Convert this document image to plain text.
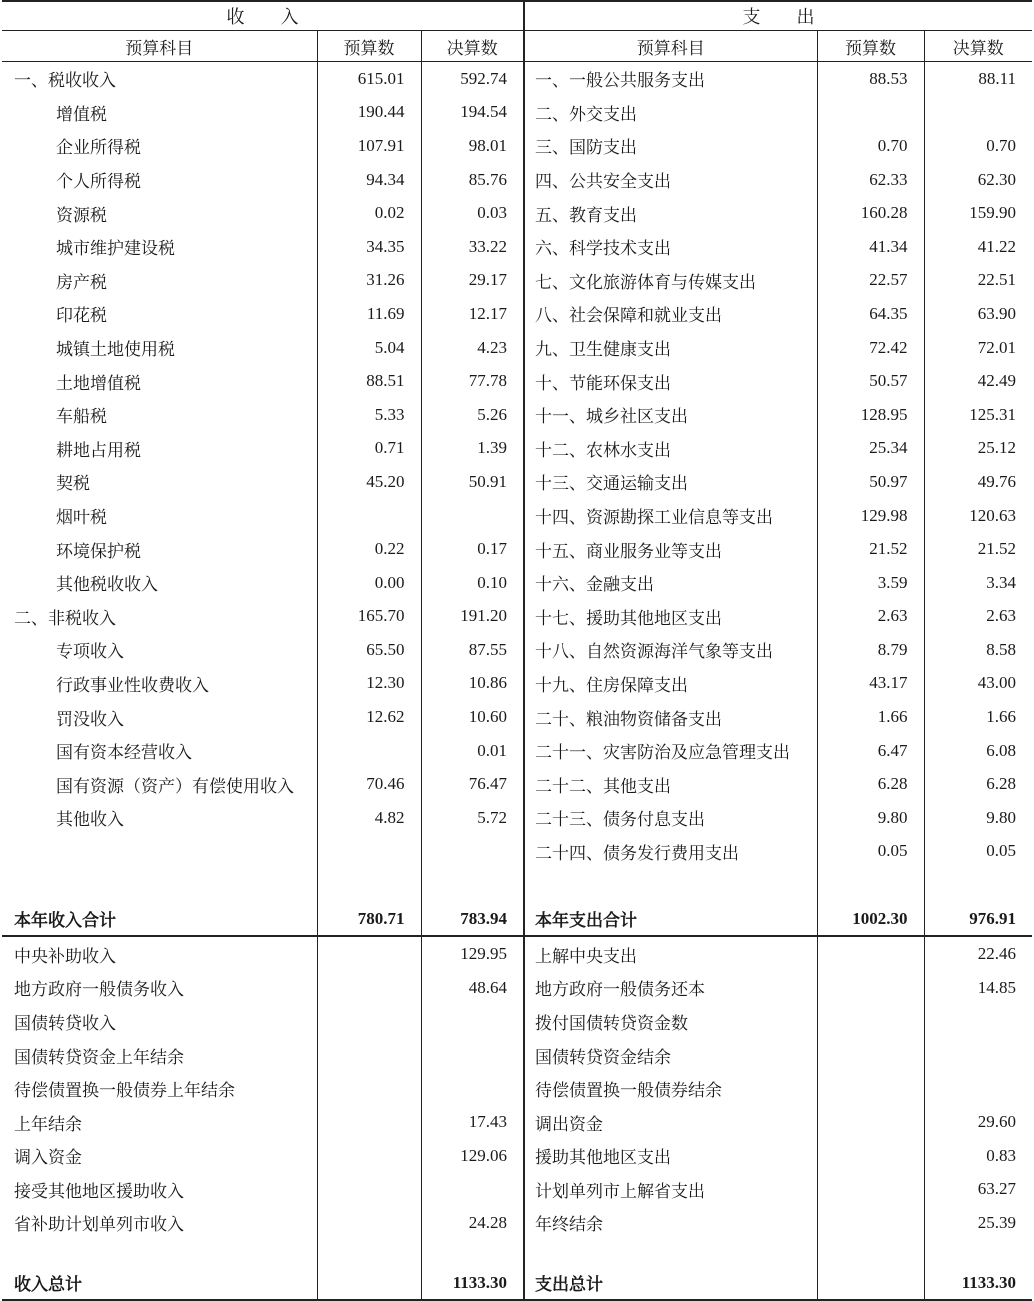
收　　入			支　　出		
预算科目	预算数	决算数	预算科目	预算数	决算数
一、税收收入	615.01	592.74	一、一般公共服务支出	88.53	88.11
增值税	190.44	194.54	二、外交支出		
企业所得税	107.91	98.01	三、国防支出	0.70	0.70
个人所得税	94.34	85.76	四、公共安全支出	62.33	62.30
资源税	0.02	0.03	五、教育支出	160.28	159.90
城市维护建设税	34.35	33.22	六、科学技术支出	41.34	41.22
房产税	31.26	29.17	七、文化旅游体育与传媒支出	22.57	22.51
印花税	11.69	12.17	八、社会保障和就业支出	64.35	63.90
城镇土地使用税	5.04	4.23	九、卫生健康支出	72.42	72.01
土地增值税	88.51	77.78	十、节能环保支出	50.57	42.49
车船税	5.33	5.26	十一、城乡社区支出	128.95	125.31
耕地占用税	0.71	1.39	十二、农林水支出	25.34	25.12
契税	45.20	50.91	十三、交通运输支出	50.97	49.76
烟叶税			十四、资源勘探工业信息等支出	129.98	120.63
环境保护税	0.22	0.17	十五、商业服务业等支出	21.52	21.52
其他税收收入	0.00	0.10	十六、金融支出	3.59	3.34
二、非税收入	165.70	191.20	十七、援助其他地区支出	2.63	2.63
专项收入	65.50	87.55	十八、自然资源海洋气象等支出	8.79	8.58
行政事业性收费收入	12.30	10.86	十九、住房保障支出	43.17	43.00
罚没收入	12.62	10.60	二十、粮油物资储备支出	1.66	1.66
国有资本经营收入		0.01	二十一、灾害防治及应急管理支出	6.47	6.08
国有资源（资产）有偿使用收入	70.46	76.47	二十二、其他支出	6.28	6.28
其他收入	4.82	5.72	二十三、债务付息支出	9.80	9.80
			二十四、债务发行费用支出	0.05	0.05

本年收入合计	780.71	783.94	本年支出合计	1002.30	976.91
中央补助收入		129.95	上解中央支出		22.46
地方政府一般债务收入		48.64	地方政府一般债务还本		14.85
国债转贷收入			拨付国债转贷资金数		
国债转贷资金上年结余			国债转贷资金结余		
待偿债置换一般债券上年结余			待偿债置换一般债券结余		
上年结余		17.43	调出资金		29.60
调入资金		129.06	援助其他地区支出		0.83
接受其他地区援助收入			计划单列市上解省支出		63.27
省补助计划单列市收入		24.28	年终结余		25.39

收入总计		1133.30	支出总计		1133.30
